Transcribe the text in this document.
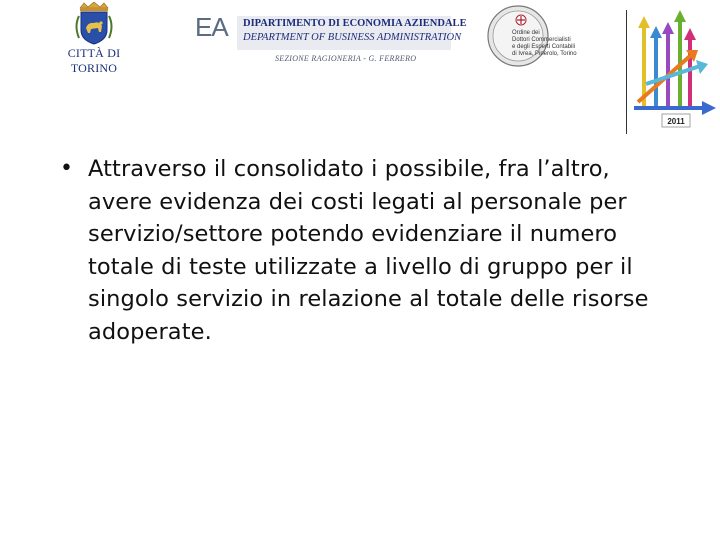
CITTÀ DI TORINO
EA DIPARTIMENTO DI ECONOMIA AZIENDALE
DEPARTMENT OF BUSINESS ADMINISTRATION
SEZIONE RAGIONERIA - G. FERRERO
Ordine dei
Dottori Commercialisti
e degli Esperti Contabili
di Ivrea, Pinerolo, Torino
2011
• Attraverso il consolidato i possibile, fra l’altro, avere evidenza dei costi legati al personale per servizio/settore potendo evidenziare il numero totale di teste utilizzate a livello di gruppo per il singolo servizio in relazione al totale delle risorse adoperate.
